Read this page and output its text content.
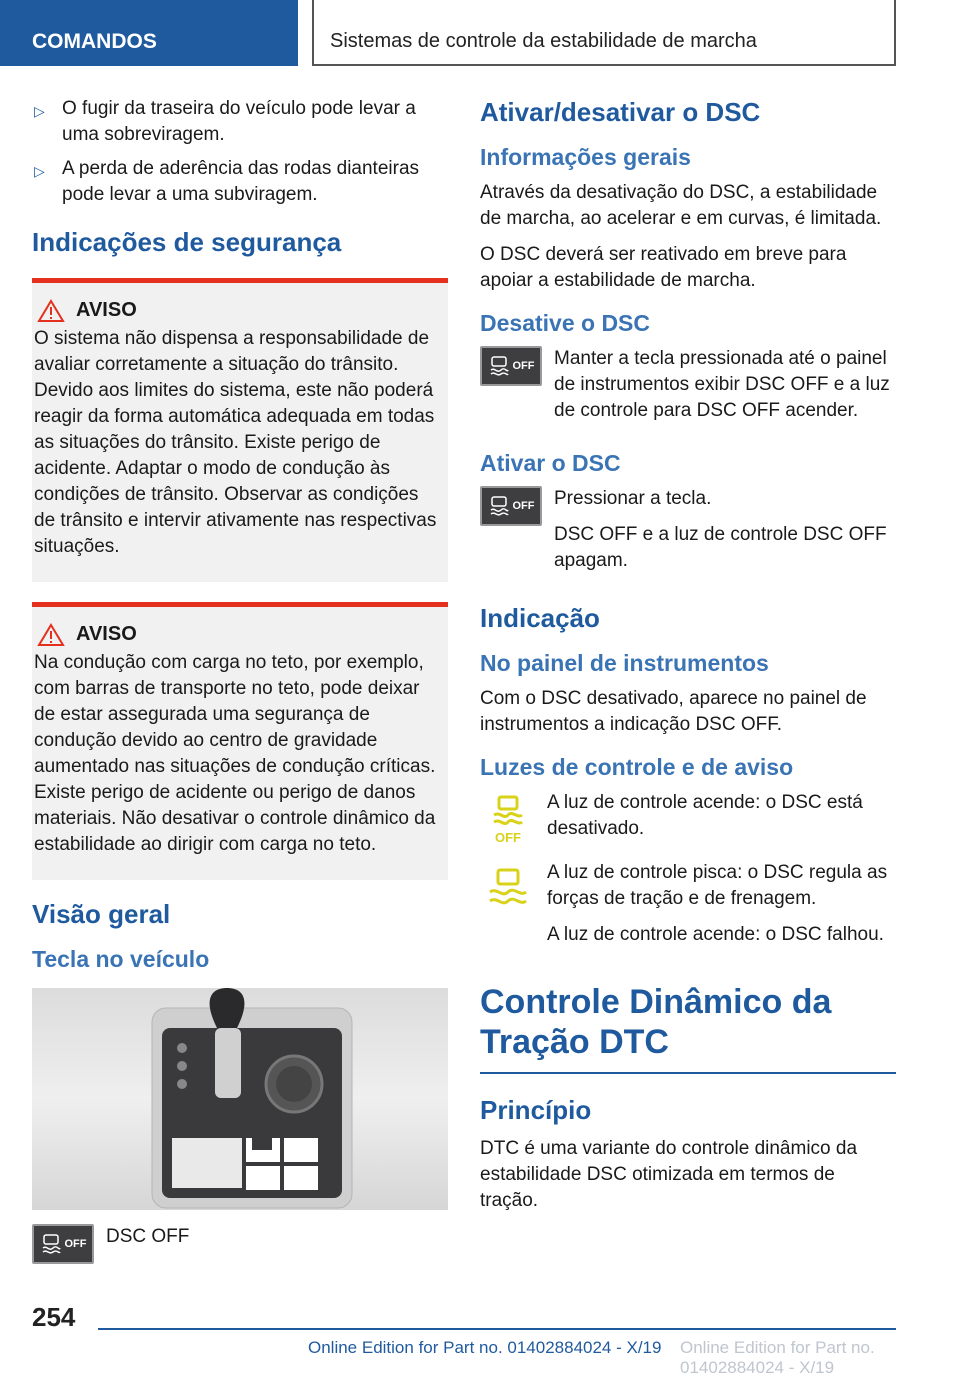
COMANDOS	Sistemas de controle da estabilidade de marcha
▷ O fugir da traseira do veículo pode levar a uma sobreviragem.
▷ A perda de aderência das rodas dianteiras pode levar a uma subviragem.
Indicações de segurança
AVISO

O sistema não dispensa a responsabilidade de avaliar corretamente a situação do trânsito. Devido aos limites do sistema, este não poderá reagir da forma automática adequada em todas as situações do trânsito. Existe perigo de acidente. Adaptar o modo de condução às condições de trânsito. Observar as condições de trânsito e intervir ativamente nas respectivas situações.

AVISO

Na condução com carga no teto, por exemplo, com barras de transporte no teto, pode deixar de estar assegurada uma segurança de condução devido ao centro de gravidade aumentado nas situações de condução críticas. Existe perigo de acidente ou perigo de danos materiais. Não desativar o controle dinâmico da estabilidade ao dirigir com carga no teto.

Visão geral
Tecla no veículo
OFF DSC OFF

Ativar/desativar o DSC
Informações gerais

Através da desativação do DSC, a estabilidade de marcha, ao acelerar e em curvas, é limitada.

O DSC deverá ser reativado em breve para apoiar a estabilidade de marcha.

Desative o DSC
OFF Manter a tecla pressionada até o painel de instrumentos exibir DSC OFF e a luz de controle para DSC OFF acender.

Ativar o DSC
OFF Pressionar a tecla.

DSC OFF e a luz de controle DSC OFF apagam.

Indicação
No painel de instrumentos

Com o DSC desativado, aparece no painel de instrumentos a indicação DSC OFF.

Luzes de controle e de aviso
OFF

A luz de controle acende: o DSC está desativado.

A luz de controle pisca: o DSC regula as forças de tração e de frenagem.

A luz de controle acende: o DSC falhou.

Controle Dinâmico da Tração DTC
Princípio

DTC é uma variante do controle dinâmico da estabilidade DSC otimizada em termos de tração.

254
Online Edition for Part no. 01402884024 - X/19 Online Edition for Part no. 01402884024 - X/19
